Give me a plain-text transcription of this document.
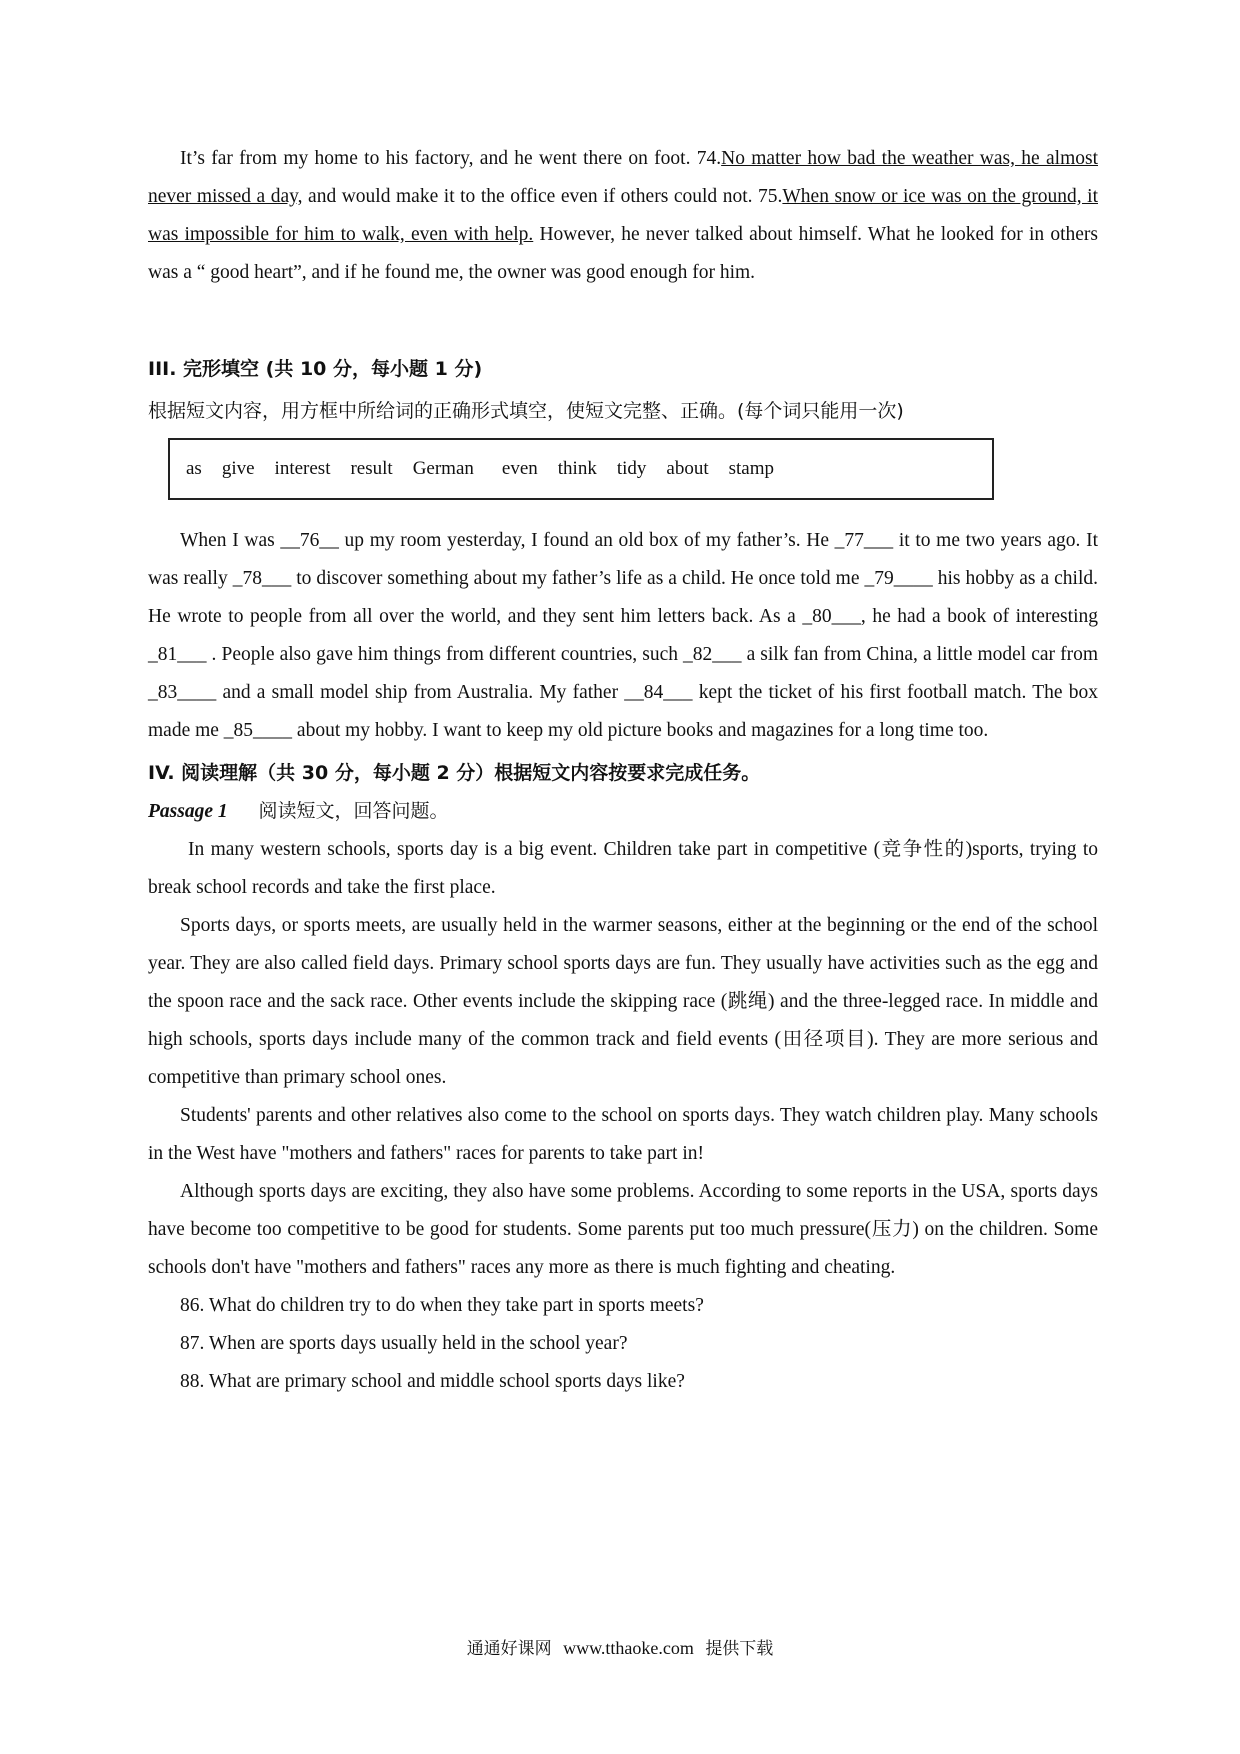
It’s far from my home to his factory, and he went there on foot. 74.No matter how bad the weather was, he almost never missed a day, and would make it to the office even if others could not. 75.When snow or ice was on the ground, it was impossible for him to walk, even with help. However, he never talked about himself. What he looked for in others was a “ good heart”, and if he found me, the owner was good enough for him.

III. 完形填空 (共 10 分，每小题 1 分)

根据短文内容，用方框中所给词的正确形式填空，使短文完整、正确。(每个词只能用一次)

as give interest result German even think tidy about stamp

When I was __76__ up my room yesterday, I found an old box of my father’s. He _77___ it to me two years ago. It was really _78___ to discover something about my father’s life as a child. He once told me _79____ his hobby as a child. He wrote to people from all over the world, and they sent him letters back. As a _80___, he had a book of interesting _81___ . People also gave him things from different countries, such _82___ a silk fan from China, a little model car from _83____ and a small model ship from Australia. My father __84___ kept the ticket of his first football match. The box made me _85____ about my hobby. I want to keep my old picture books and magazines for a long time too.

IV. 阅读理解（共 30 分，每小题 2 分）根据短文内容按要求完成任务。

Passage 1 阅读短文，回答问题。

In many western schools, sports day is a big event. Children take part in competitive (竞争性的)sports, trying to break school records and take the first place.

Sports days, or sports meets, are usually held in the warmer seasons, either at the beginning or the end of the school year. They are also called field days. Primary school sports days are fun. They usually have activities such as the egg and the spoon race and the sack race. Other events include the skipping race (跳绳) and the three-legged race. In middle and high schools, sports days include many of the common track and field events (田径项目). They are more serious and competitive than primary school ones.

Students' parents and other relatives also come to the school on sports days. They watch children play. Many schools in the West have "mothers and fathers" races for parents to take part in!

Although sports days are exciting, they also have some problems. According to some reports in the USA, sports days have become too competitive to be good for students. Some parents put too much pressure(压力) on the children. Some schools don't have "mothers and fathers" races any more as there is much fighting and cheating.

86. What do children try to do when they take part in sports meets?

87. When are sports days usually held in the school year?

88. What are primary school and middle school sports days like?

通通好课网 www.tthaoke.com 提供下载
